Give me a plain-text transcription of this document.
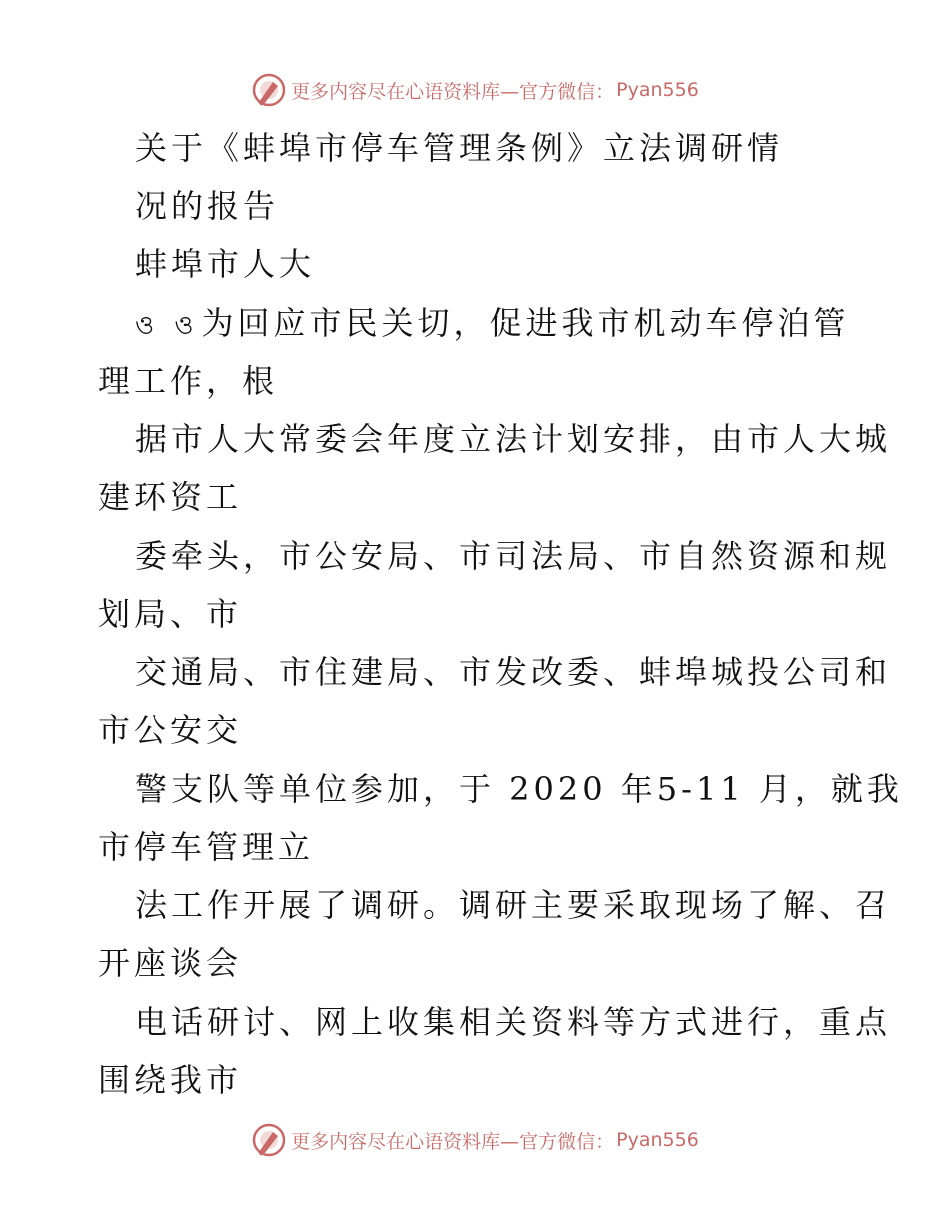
更多内容尽在心语资料库—官方微信： Pyan556
关于《蚌埠市停车管理条例》立法调研情
况的报告
蚌埠市人大
ও ও为回应市民关切，促进我市机动车停泊管
理工作，根
据市人大常委会年度立法计划安排，由市人大城
建环资工
委牵头，市公安局、市司法局、市自然资源和规
划局、市
交通局、市住建局、市发改委、蚌埠城投公司和
市公安交
警支队等单位参加，于 2020 年5-11 月，就我
市停车管理立
法工作开展了调研。调研主要采取现场了解、召
开座谈会
电话研讨、网上收集相关资料等方式进行，重点
围绕我市
更多内容尽在心语资料库—官方微信： Pyan556
